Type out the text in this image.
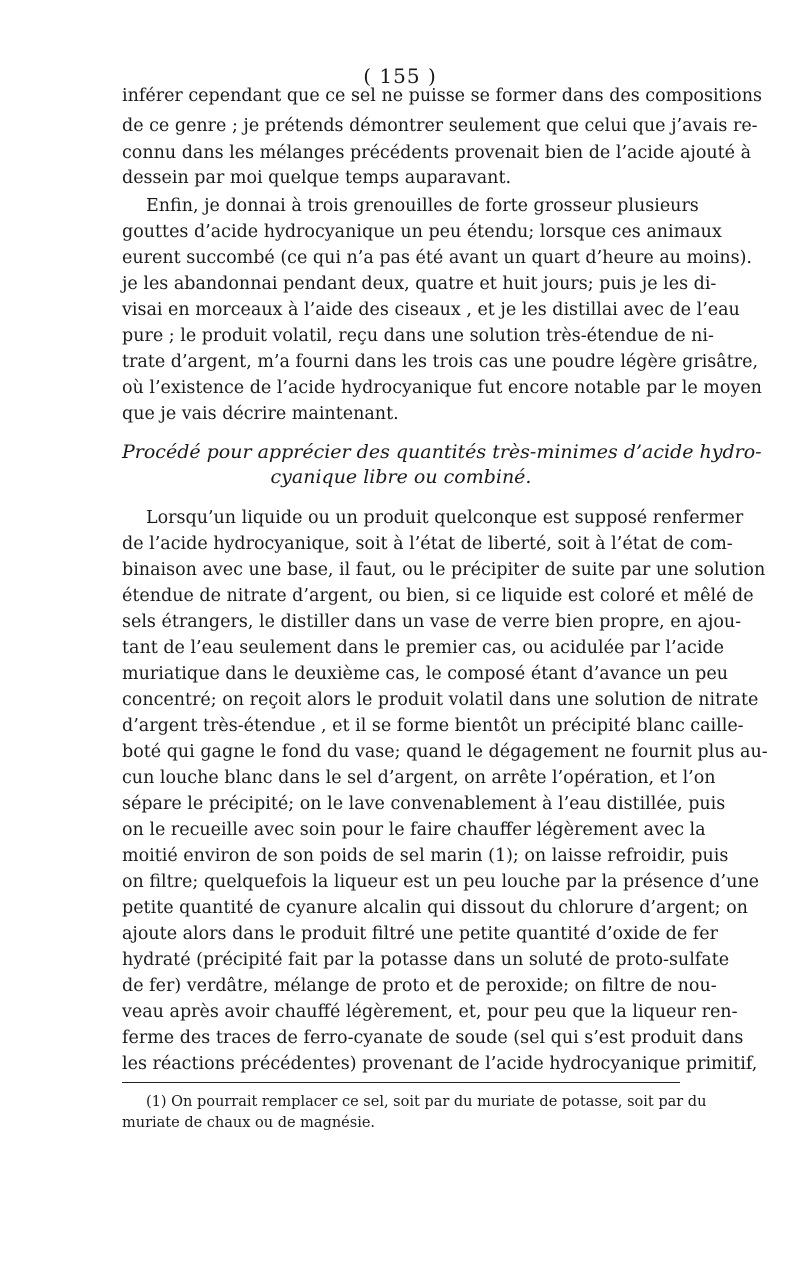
( 155 )
inférer cependant que ce sel ne puisse se former dans des compositions
de ce genre ; je prétends démontrer seulement que celui que j’avais re-
connu dans les mélanges précédents provenait bien de l’acide ajouté à
dessein par moi quelque temps auparavant.
Enfin, je donnai à trois grenouilles de forte grosseur plusieurs
gouttes d’acide hydrocyanique un peu étendu; lorsque ces animaux
eurent succombé (ce qui n’a pas été avant un quart d’heure au moins).
je les abandonnai pendant deux, quatre et huit jours; puis je les di-
visai en morceaux à l’aide des ciseaux , et je les distillai avec de l’eau
pure ; le produit volatil, reçu dans une solution très-étendue de ni-
trate d’argent, m’a fourni dans les trois cas une poudre légère grisâtre,
où l’existence de l’acide hydrocyanique fut encore notable par le moyen
que je vais décrire maintenant.
Procédé pour apprécier des quantités très-minimes d’acide hydro-
cyanique libre ou combiné.
Lorsqu’un liquide ou un produit quelconque est supposé renfermer
de l’acide hydrocyanique, soit à l’état de liberté, soit à l’état de com-
binaison avec une base, il faut, ou le précipiter de suite par une solution
étendue de nitrate d’argent, ou bien, si ce liquide est coloré et mêlé de
sels étrangers, le distiller dans un vase de verre bien propre, en ajou-
tant de l’eau seulement dans le premier cas, ou acidulée par l’acide
muriatique dans le deuxième cas, le composé étant d’avance un peu
concentré; on reçoit alors le produit volatil dans une solution de nitrate
d’argent très-étendue , et il se forme bientôt un précipité blanc caille-
boté qui gagne le fond du vase; quand le dégagement ne fournit plus au-
cun louche blanc dans le sel d’argent, on arrête l’opération, et l’on
sépare le précipité; on le lave convenablement à l’eau distillée, puis
on le recueille avec soin pour le faire chauffer légèrement avec la
moitié environ de son poids de sel marin (1); on laisse refroidir, puis
on filtre; quelquefois la liqueur est un peu louche par la présence d’une
petite quantité de cyanure alcalin qui dissout du chlorure d’argent; on
ajoute alors dans le produit filtré une petite quantité d’oxide de fer
hydraté (précipité fait par la potasse dans un soluté de proto-sulfate
de fer) verdâtre, mélange de proto et de peroxide; on filtre de nou-
veau après avoir chauffé légèrement, et, pour peu que la liqueur ren-
ferme des traces de ferro-cyanate de soude (sel qui s’est produit dans
les réactions précédentes) provenant de l’acide hydrocyanique primitif,
(1) On pourrait remplacer ce sel, soit par du muriate de potasse, soit par du
muriate de chaux ou de magnésie.
